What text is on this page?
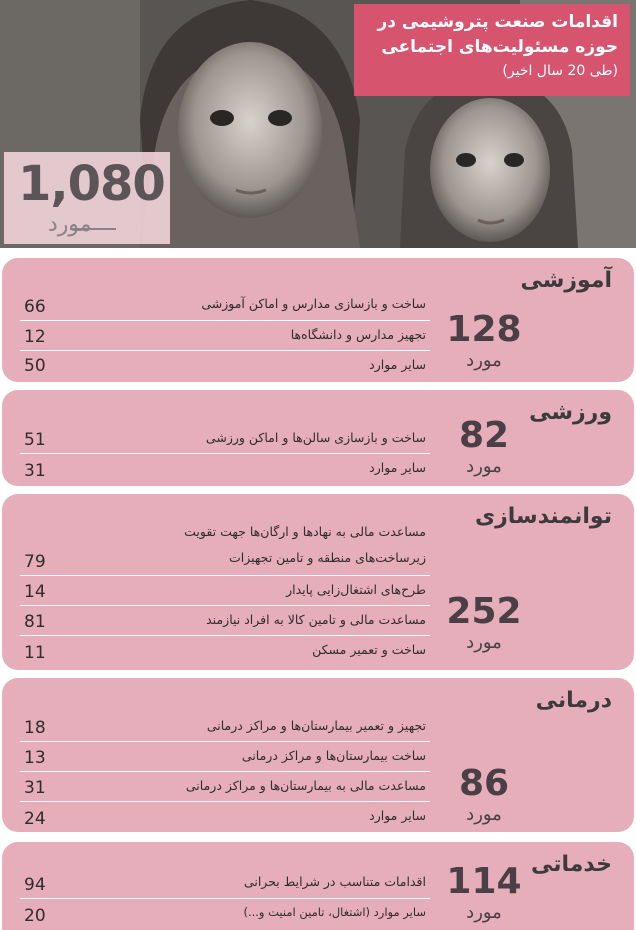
اقدامات صنعت پتروشیمی در
حوزه مسئولیت‌های اجتماعی
(طی 20 سال اخیر)
1,080
مورد
آموزشی
128
مورد
ساخت و بازسازی مدارس و اماکن آموزشی
66
تجهیز مدارس و دانشگاه‌ها
12
سایر موارد
50
ورزشی
82
مورد
ساخت و بازسازی سالن‌ها و اماکن ورزشی
51
سایر موارد
31
توانمندسازی
252
مورد
مساعدت مالی به نهادها و ارگان‌ها جهت تقویت
زیرساخت‌های منطقه و تامین تجهیزات
79
طرح‌های اشتغال‌زایی پایدار
14
مساعدت مالی و تامین کالا به افراد نیازمند
81
ساخت و تعمیر مسکن
11
درمانی
86
مورد
تجهیز و تعمیر بیمارستان‌ها و مراکز درمانی
18
ساخت بیمارستان‌ها و مراکز درمانی
13
مساعدت مالی به بیمارستان‌ها و مراکز درمانی
31
سایر موارد
24
خدماتی
114
مورد
اقدامات متناسب در شرایط بحرانی
94
سایر موارد (اشتغال، تامین امنیت و...)
20
